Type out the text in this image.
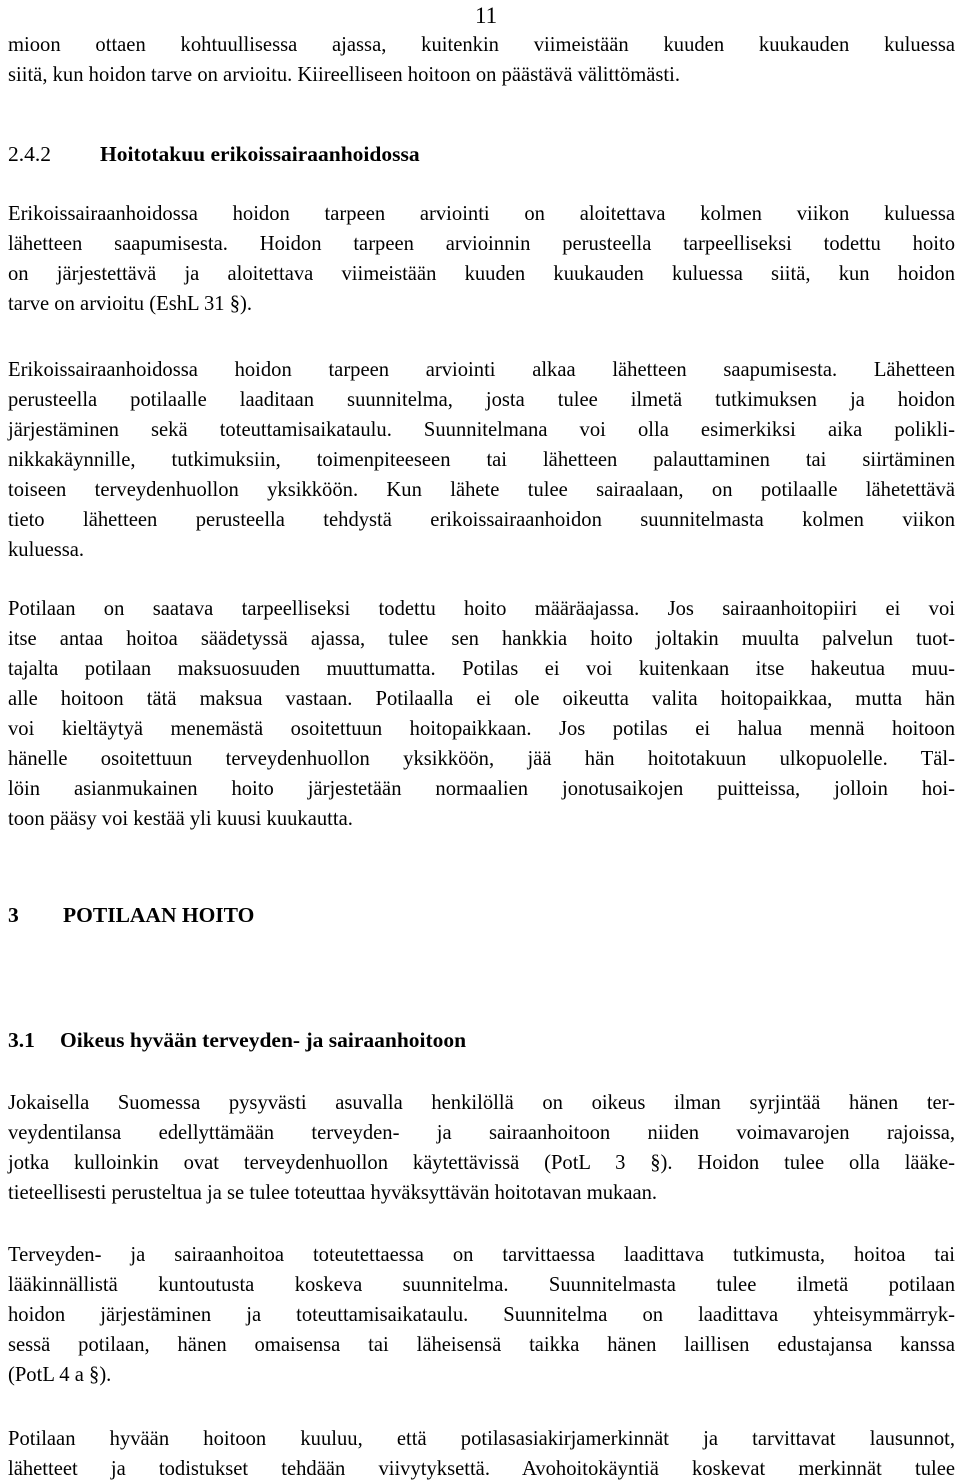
11
mioon ottaen kohtuullisessa ajassa, kuitenkin viimeistään kuuden kuukauden kuluessa
siitä, kun hoidon tarve on arvioitu. Kiireelliseen hoitoon on päästävä välittömästi.
2.4.2 Hoitotakuu erikoissairaanhoidossa
Erikoissairaanhoidossa hoidon tarpeen arviointi on aloitettava kolmen viikon kuluessa
lähetteen saapumisesta. Hoidon tarpeen arvioinnin perusteella tarpeelliseksi todettu hoito
on järjestettävä ja aloitettava viimeistään kuuden kuukauden kuluessa siitä, kun hoidon
tarve on arvioitu (EshL 31 §).
Erikoissairaanhoidossa hoidon tarpeen arviointi alkaa lähetteen saapumisesta. Lähetteen
perusteella potilaalle laaditaan suunnitelma, josta tulee ilmetä tutkimuksen ja hoidon
järjestäminen sekä toteuttamisaikataulu. Suunnitelmana voi olla esimerkiksi aika polikli-
nikkakäynnille, tutkimuksiin, toimenpiteeseen tai lähetteen palauttaminen tai siirtäminen
toiseen terveydenhuollon yksikköön. Kun lähete tulee sairaalaan, on potilaalle lähetettävä
tieto lähetteen perusteella tehdystä erikoissairaanhoidon suunnitelmasta kolmen viikon
kuluessa.
Potilaan on saatava tarpeelliseksi todettu hoito määräajassa. Jos sairaanhoitopiiri ei voi
itse antaa hoitoa säädetyssä ajassa, tulee sen hankkia hoito joltakin muulta palvelun tuot-
tajalta potilaan maksuosuuden muuttumatta. Potilas ei voi kuitenkaan itse hakeutua muu-
alle hoitoon tätä maksua vastaan. Potilaalla ei ole oikeutta valita hoitopaikkaa, mutta hän
voi kieltäytyä menemästä osoitettuun hoitopaikkaan. Jos potilas ei halua mennä hoitoon
hänelle osoitettuun terveydenhuollon yksikköön, jää hän hoitotakuun ulkopuolelle. Täl-
löin asianmukainen hoito järjestetään normaalien jonotusaikojen puitteissa, jolloin hoi-
toon pääsy voi kestää yli kuusi kuukautta.
3 POTILAAN HOITO
3.1 Oikeus hyvään terveyden- ja sairaanhoitoon
Jokaisella Suomessa pysyvästi asuvalla henkilöllä on oikeus ilman syrjintää hänen ter-
veydentilansa edellyttämään terveyden- ja sairaanhoitoon niiden voimavarojen rajoissa,
jotka kulloinkin ovat terveydenhuollon käytettävissä (PotL 3 §). Hoidon tulee olla lääke-
tieteellisesti perusteltua ja se tulee toteuttaa hyväksyttävän hoitotavan mukaan.
Terveyden- ja sairaanhoitoa toteutettaessa on tarvittaessa laadittava tutkimusta, hoitoa tai
lääkinnällistä kuntoutusta koskeva suunnitelma. Suunnitelmasta tulee ilmetä potilaan
hoidon järjestäminen ja toteuttamisaikataulu. Suunnitelma on laadittava yhteisymmärryk-
sessä potilaan, hänen omaisensa tai läheisensä taikka hänen laillisen edustajansa kanssa
(PotL 4 a §).
Potilaan hyvään hoitoon kuuluu, että potilasasiakirjamerkinnät ja tarvittavat lausunnot,
lähetteet ja todistukset tehdään viivytyksettä. Avohoitokäyntiä koskevat merkinnät tulee
